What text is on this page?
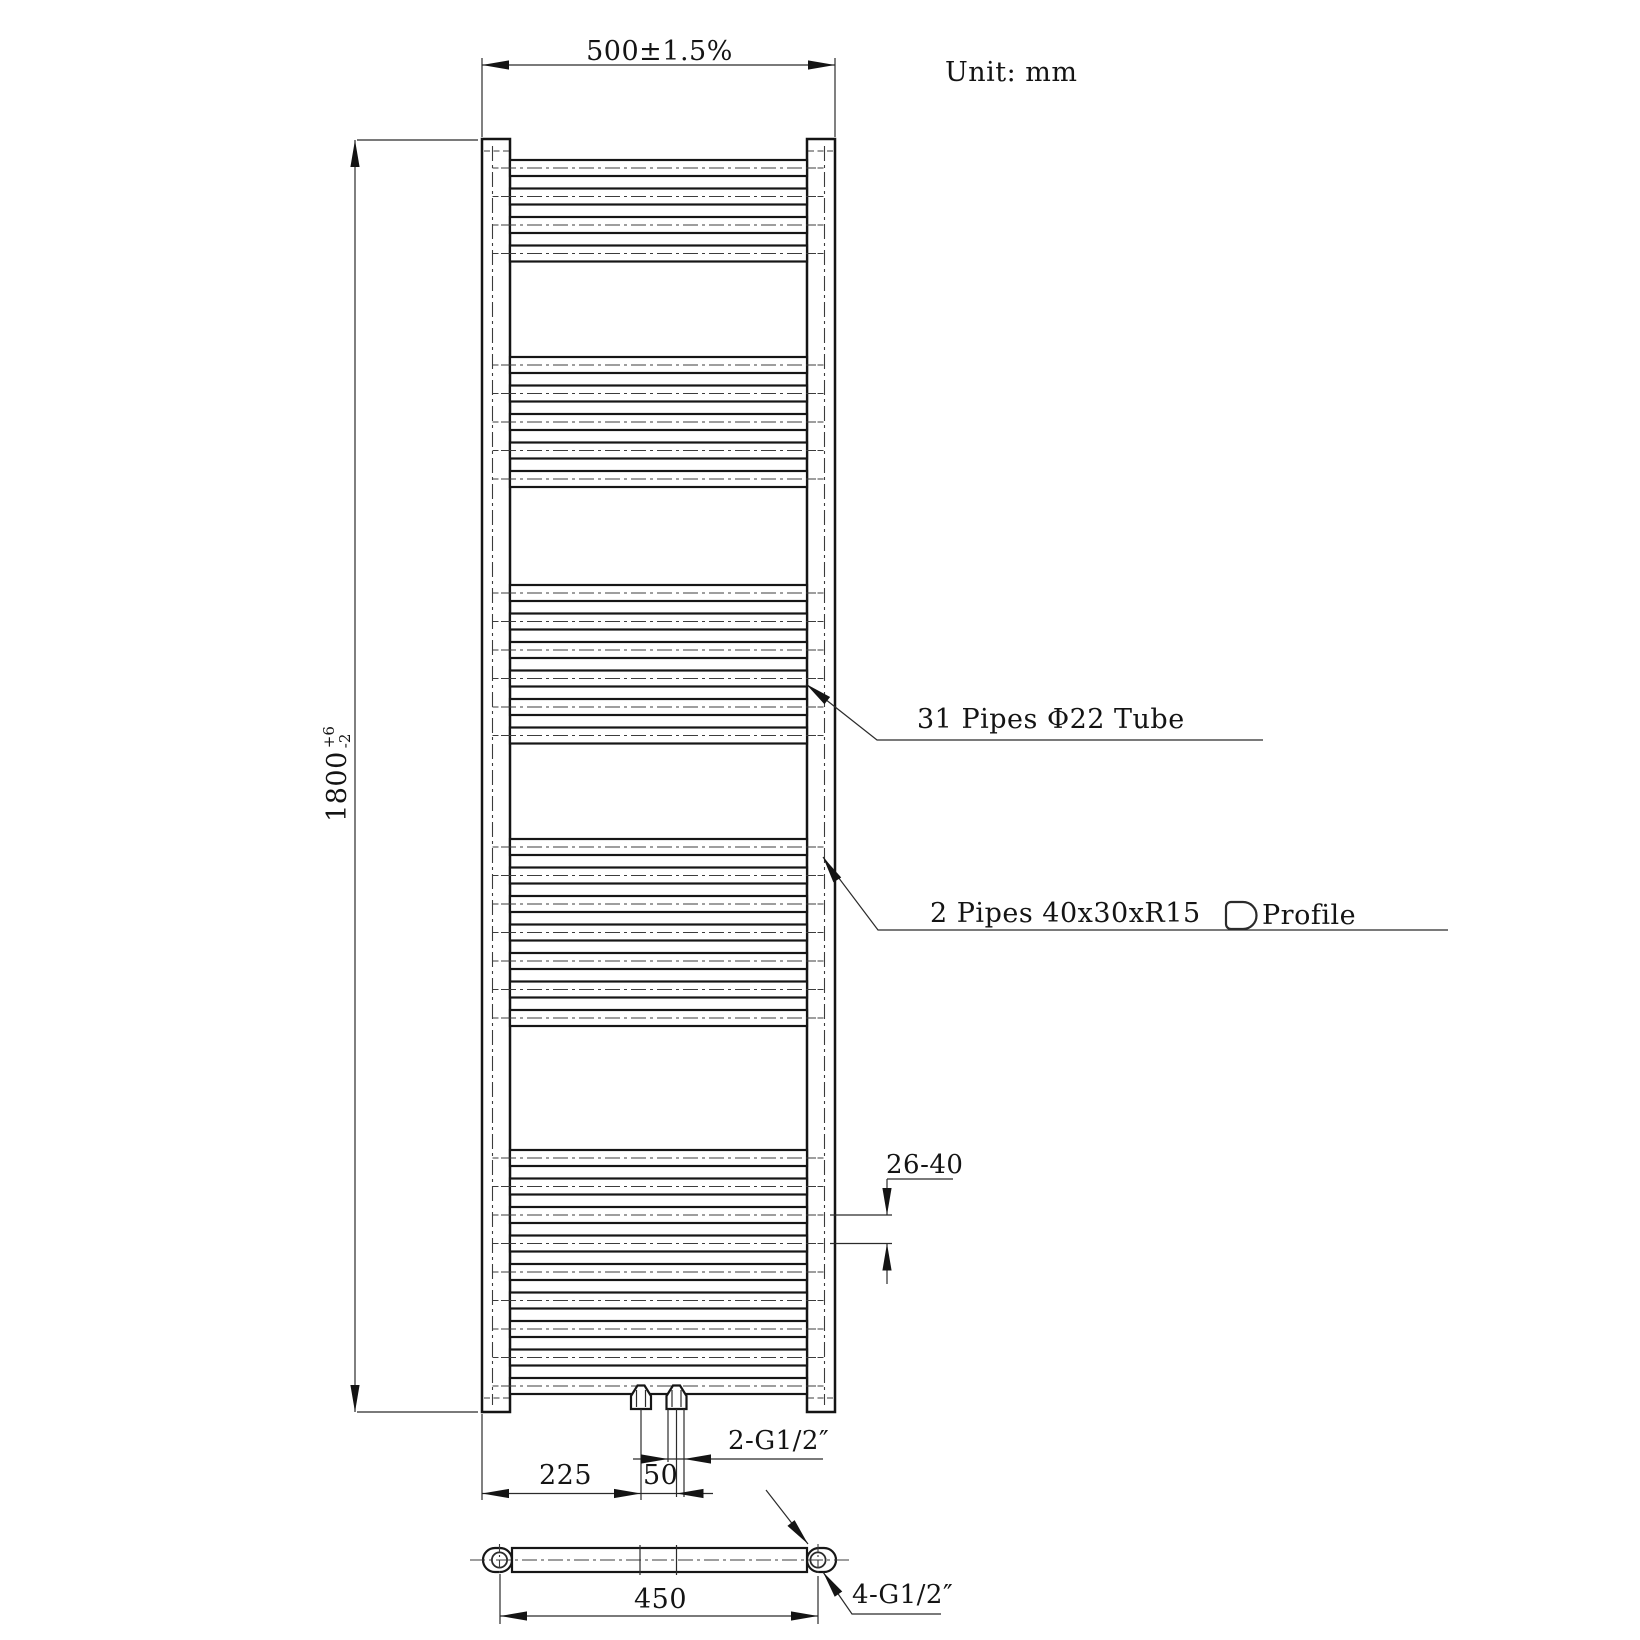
Unit: mm
500±1.5%
1800
+6
-2
31 Pipes Φ22 Tube
2 Pipes 40x30xR15 Profile
26-40
225 50
2-G1/2″
450	4-G1/2″
